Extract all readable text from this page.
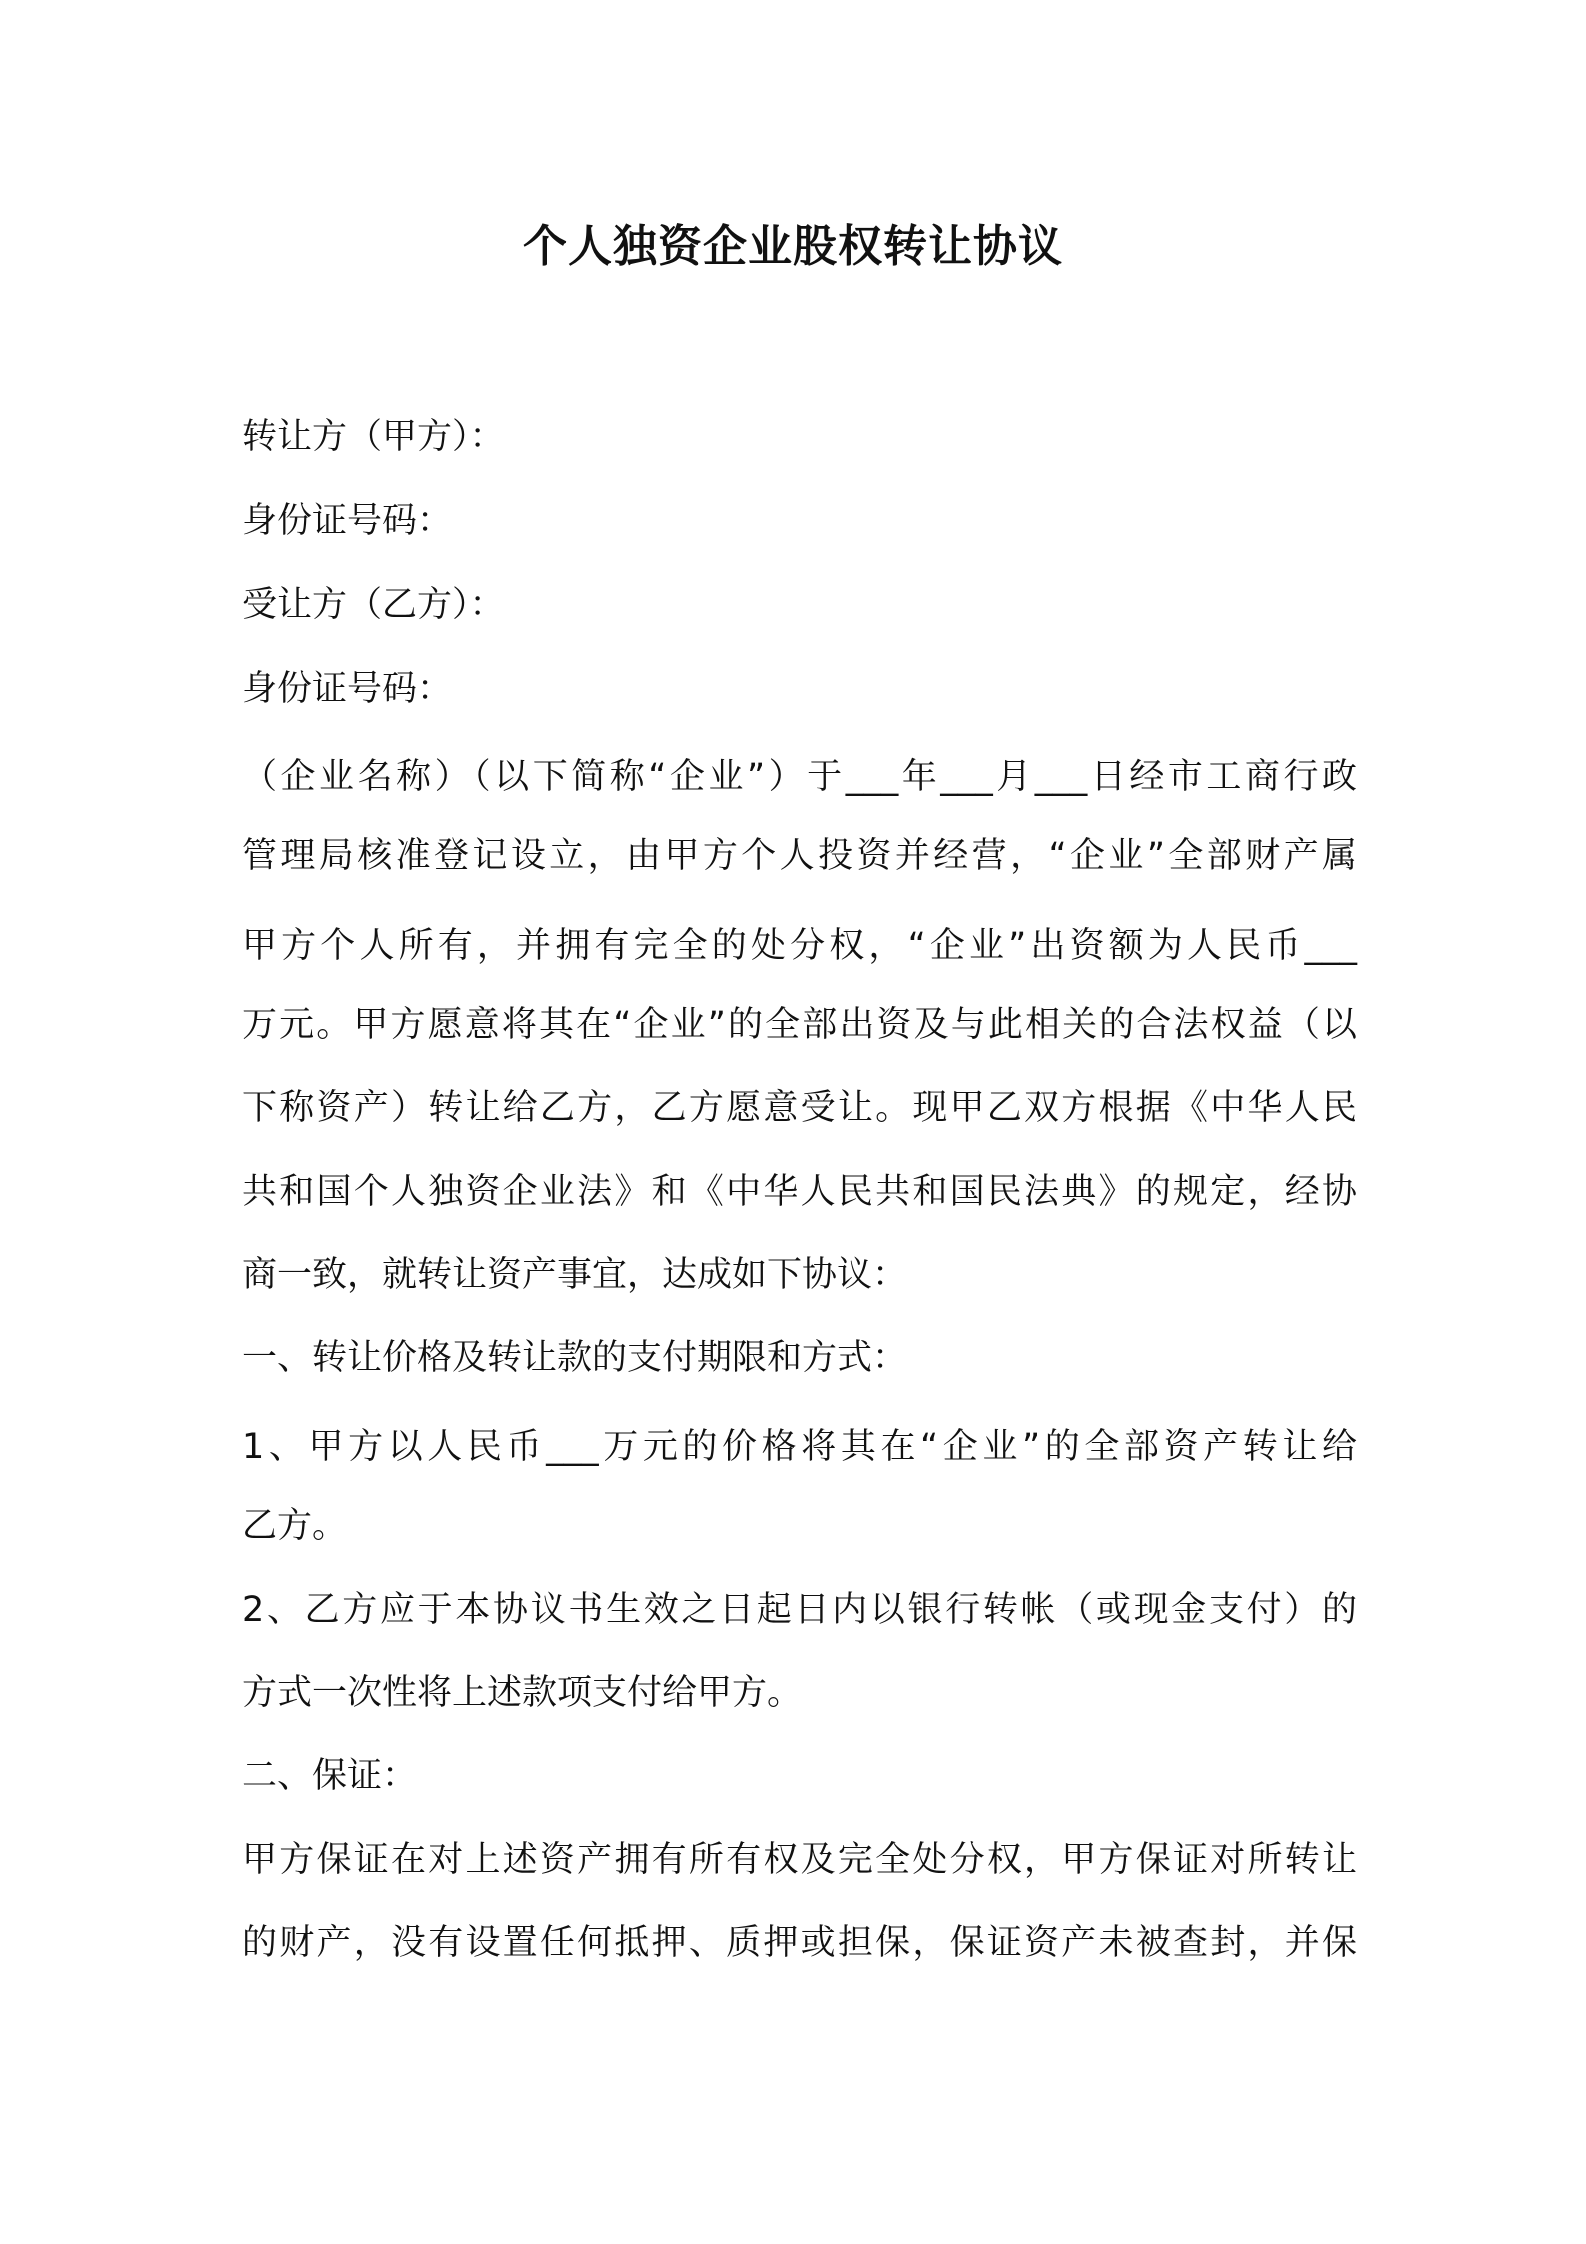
个人独资企业股权转让协议

转让方（甲方）：

身份证号码：

受让方（乙方）：

身份证号码：

（企业名称）（以下简称“企业”）于___年___月___日经市工商行政

管理局核准登记设立，由甲方个人投资并经营，“企业”全部财产属

甲方个人所有，并拥有完全的处分权，“企业”出资额为人民币___

万元。甲方愿意将其在“企业”的全部出资及与此相关的合法权益（以

下称资产）转让给乙方，乙方愿意受让。现甲乙双方根据《中华人民

共和国个人独资企业法》和《中华人民共和国民法典》的规定，经协

商一致，就转让资产事宜，达成如下协议：

一、转让价格及转让款的支付期限和方式：

1、甲方以人民币___万元的价格将其在“企业”的全部资产转让给

乙方。

2、乙方应于本协议书生效之日起日内以银行转帐（或现金支付）的

方式一次性将上述款项支付给甲方。

二、保证：

甲方保证在对上述资产拥有所有权及完全处分权，甲方保证对所转让

的财产，没有设置任何抵押、质押或担保，保证资产未被查封，并保
